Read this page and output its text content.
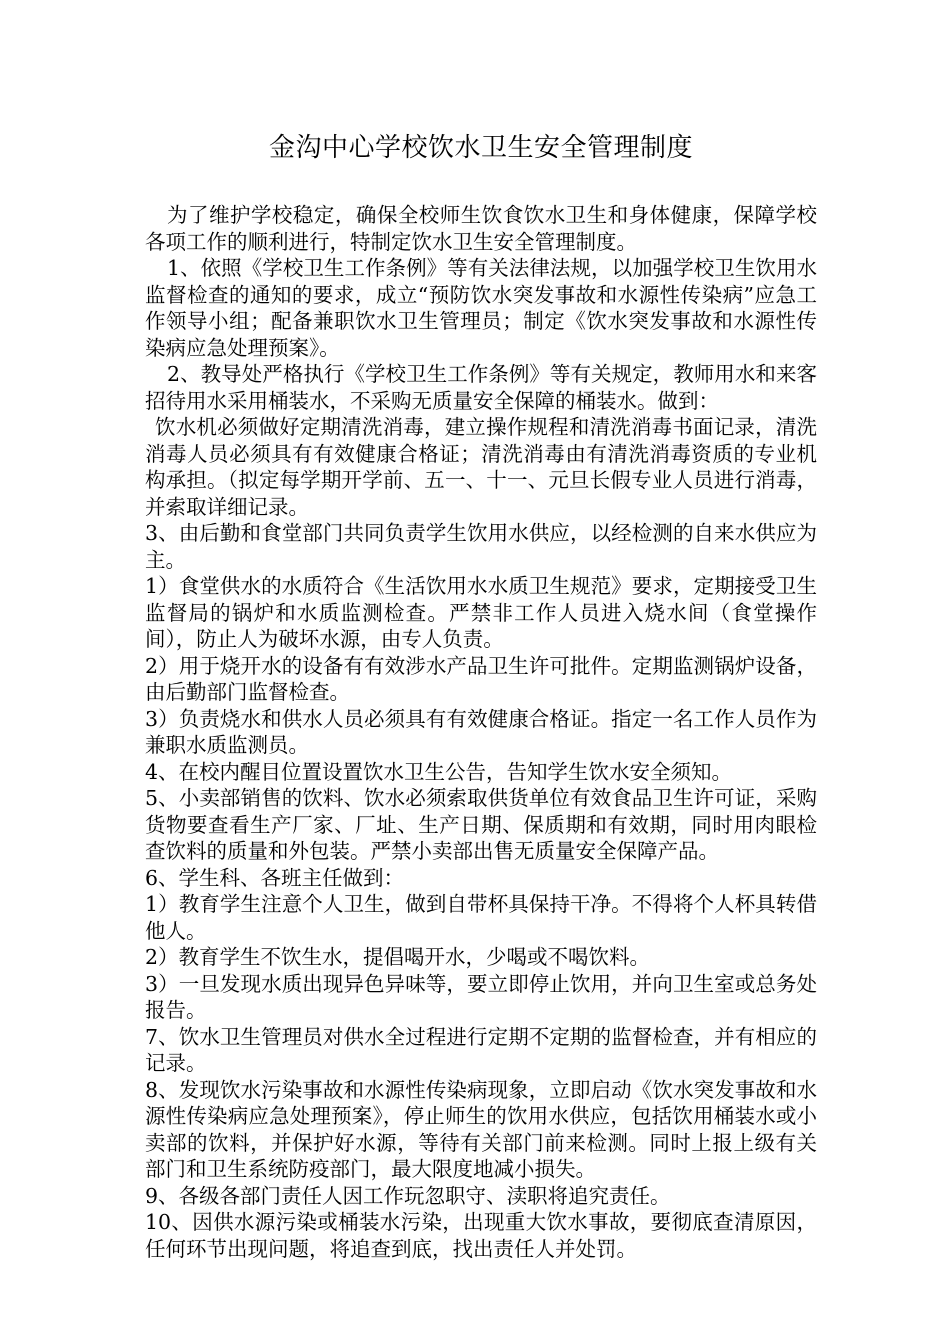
金沟中心学校饮水卫生安全管理制度

为了维护学校稳定，确保全校师生饮食饮水卫生和身体健康，保障学校各项工作的顺利进行，特制定饮水卫生安全管理制度。

1、依照《学校卫生工作条例》等有关法律法规，以加强学校卫生饮用水监督检查的通知的要求，成立“预防饮水突发事故和水源性传染病”应急工作领导小组；配备兼职饮水卫生管理员；制定《饮水突发事故和水源性传染病应急处理预案》。

2、教导处严格执行《学校卫生工作条例》等有关规定，教师用水和来客招待用水采用桶装水，不采购无质量安全保障的桶装水。做到：

饮水机必须做好定期清洗消毒，建立操作规程和清洗消毒书面记录，清洗消毒人员必须具有有效健康合格证；清洗消毒由有清洗消毒资质的专业机构承担。（拟定每学期开学前、五一、十一、元旦长假专业人员进行消毒，并索取详细记录。

3、由后勤和食堂部门共同负责学生饮用水供应，以经检测的自来水供应为主。

1）食堂供水的水质符合《生活饮用水水质卫生规范》要求，定期接受卫生监督局的锅炉和水质监测检查。严禁非工作人员进入烧水间（食堂操作间），防止人为破坏水源，由专人负责。

2）用于烧开水的设备有有效涉水产品卫生许可批件。定期监测锅炉设备，由后勤部门监督检查。

3）负责烧水和供水人员必须具有有效健康合格证。指定一名工作人员作为兼职水质监测员。

4、在校内醒目位置设置饮水卫生公告，告知学生饮水安全须知。

5、小卖部销售的饮料、饮水必须索取供货单位有效食品卫生许可证，采购货物要查看生产厂家、厂址、生产日期、保质期和有效期，同时用肉眼检查饮料的质量和外包装。严禁小卖部出售无质量安全保障产品。

6、学生科、各班主任做到：

1）教育学生注意个人卫生，做到自带杯具保持干净。不得将个人杯具转借他人。

2）教育学生不饮生水，提倡喝开水，少喝或不喝饮料。

3）一旦发现水质出现异色异味等，要立即停止饮用，并向卫生室或总务处报告。

7、饮水卫生管理员对供水全过程进行定期不定期的监督检查，并有相应的记录。

8、发现饮水污染事故和水源性传染病现象，立即启动《饮水突发事故和水源性传染病应急处理预案》，停止师生的饮用水供应，包括饮用桶装水或小卖部的饮料，并保护好水源，等待有关部门前来检测。同时上报上级有关部门和卫生系统防疫部门，最大限度地减小损失。

9、各级各部门责任人因工作玩忽职守、渎职将追究责任。

10、因供水源污染或桶装水污染，出现重大饮水事故，要彻底查清原因，任何环节出现问题，将追查到底，找出责任人并处罚。
